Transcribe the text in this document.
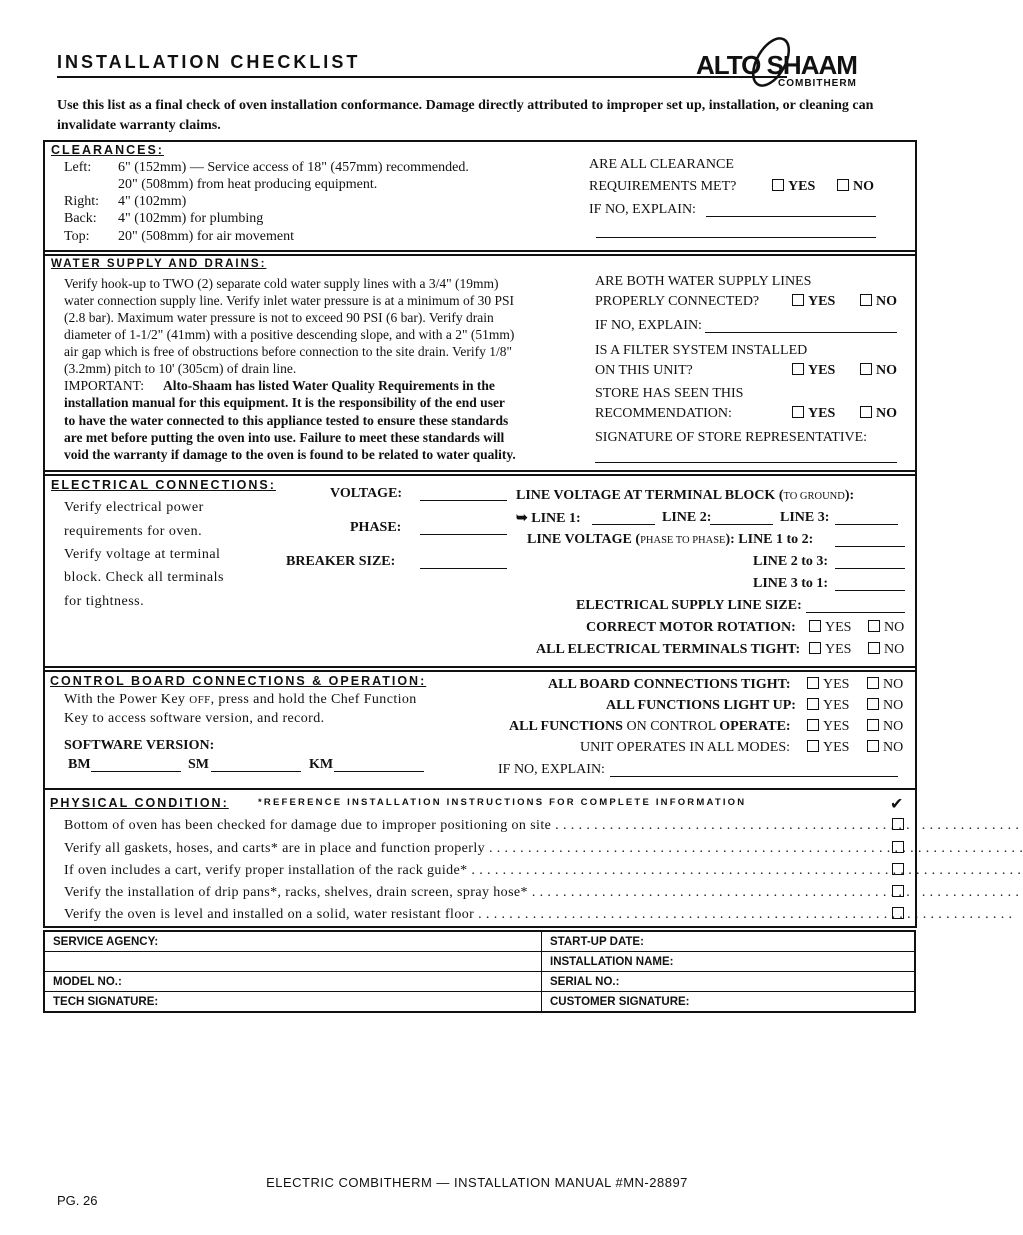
INSTALLATION CHECKLIST	ALTO SHAAM
COMBITHERM
Use this list as a final check of oven installation conformance. Damage directly attributed to improper set up, installation, or cleaning can invalidate warranty claims.
CLEARANCES:
Left: 6" (152mm) — Service access of 18" (457mm) recommended.
20" (508mm) from heat producing equipment.
Right: 4" (102mm)
Back: 4" (102mm) for plumbing
Top: 20" (508mm) for air movement
ARE ALL CLEARANCE
REQUIREMENTS MET?	YES	NO
IF NO, EXPLAIN:
WATER SUPPLY AND DRAINS:
Verify hook-up to TWO (2) separate cold water supply lines with a 3/4" (19mm)
water connection supply line. Verify inlet water pressure is at a minimum of 30 PSI
(2.8 bar). Maximum water pressure is not to exceed 90 PSI (6 bar). Verify drain
diameter of 1-1/2" (41mm) with a positive descending slope, and with a 2" (51mm)
air gap which is free of obstructions before connection to the site drain. Verify 1/8"
(3.2mm) pitch to 10' (305cm) of drain line.
IMPORTANT: Alto-Shaam has listed Water Quality Requirements in the
installation manual for this equipment. It is the responsibility of the end user
to have the water connected to this appliance tested to ensure these standards
are met before putting the oven into use. Failure to meet these standards will
void the warranty if damage to the oven is found to be related to water quality.
ARE BOTH WATER SUPPLY LINES
PROPERLY CONNECTED?	YES	NO
IF NO, EXPLAIN:
IS A FILTER SYSTEM INSTALLED
ON THIS UNIT?	YES	NO
STORE HAS SEEN THIS
RECOMMENDATION:	YES	NO
SIGNATURE OF STORE REPRESENTATIVE:
ELECTRICAL CONNECTIONS:
Verify electrical power
requirements for oven.
Verify voltage at terminal
block. Check all terminals
for tightness.
VOLTAGE:
PHASE:
BREAKER SIZE:
LINE VOLTAGE AT TERMINAL BLOCK (TO GROUND):
➥ LINE 1:	LINE 2:	LINE 3:
LINE VOLTAGE (PHASE TO PHASE): LINE 1 to 2:
LINE 2 to 3:
LINE 3 to 1:
ELECTRICAL SUPPLY LINE SIZE:
CORRECT MOTOR ROTATION:	YES	NO
ALL ELECTRICAL TERMINALS TIGHT:	YES	NO
CONTROL BOARD CONNECTIONS & OPERATION:
With the Power Key OFF, press and hold the Chef Function
Key to access software version, and record.
SOFTWARE VERSION:
BM	SM	KM
ALL BOARD CONNECTIONS TIGHT:	YES	NO
ALL FUNCTIONS LIGHT UP:	YES	NO
ALL FUNCTIONS ON CONTROL OPERATE:	YES	NO
UNIT OPERATES IN ALL MODES:	YES	NO
IF NO, EXPLAIN:
PHYSICAL CONDITION:	*REFERENCE INSTALLATION INSTRUCTIONS FOR COMPLETE INFORMATION	✔
Bottom of oven has been checked for damage due to improper positioning on site . . . . . . . . . . . . . . . . . . . . . . . . . . . . . . . . . . . . . . . . . . . . . . . . . . . . . . . . . . . .
Verify all gaskets, hoses, and carts* are in place and function properly . . . . . . . . . . . . . . . . . . . . . . . . . . . . . . . . . . . . . . . . . . . . . . . . . . . . . . . . . . . . . . . . . . . . .
If oven includes a cart, verify proper installation of the rack guide* . . . . . . . . . . . . . . . . . . . . . . . . . . . . . . . . . . . . . . . . . . . . . . . . . . . . . . . . . . . . . . . . . . . . . . .
Verify the installation of drip pans*, racks, shelves, drain screen, spray hose* . . . . . . . . . . . . . . . . . . . . . . . . . . . . . . . . . . . . . . . . . . . . . . . . . . . . . . . . . . . . . . .
Verify the oven is level and installed on a solid, water resistant floor . . . . . . . . . . . . . . . . . . . . . . . . . . . . . . . . . . . . . . . . . . . . . . . . . . . . . . . . . . . . . . . . . . . . .
SERVICE AGENCY:	START-UP DATE:
	INSTALLATION NAME:
MODEL NO.:	SERIAL NO.:
TECH SIGNATURE:	CUSTOMER SIGNATURE:
ELECTRIC COMBITHERM — INSTALLATION MANUAL #MN-28897
PG. 26
